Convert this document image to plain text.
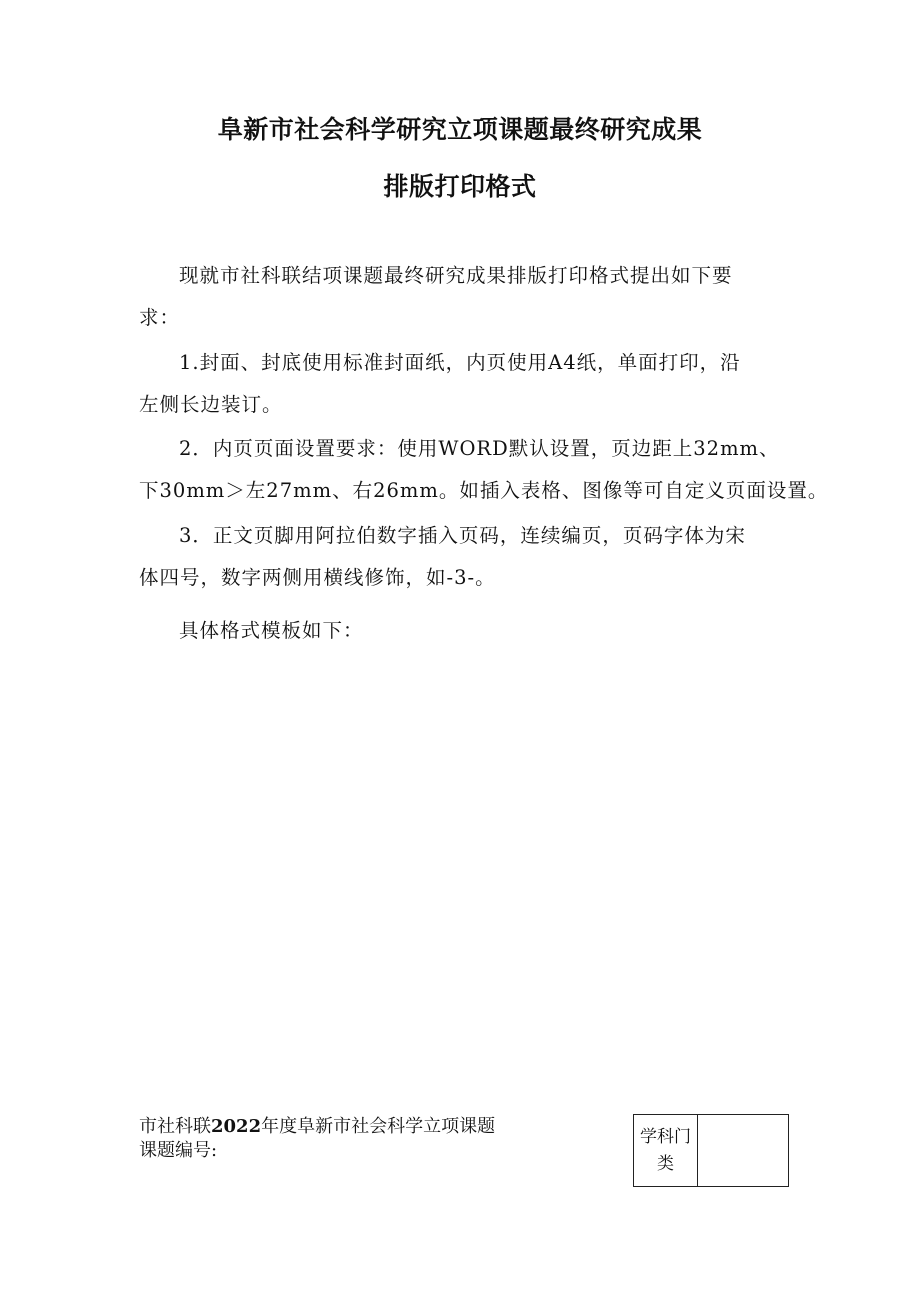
阜新市社会科学研究立项课题最终研究成果
排版打印格式
现就市社科联结项课题最终研究成果排版打印格式提出如下要
求：
1.封面、封底使用标准封面纸，内页使用A4纸，单面打印，沿
左侧长边装订。
2．内页页面设置要求：使用WORD默认设置，页边距上32mm、
下30mm＞左27mm、右26mm。如插入表格、图像等可自定义页面设置。
3．正文页脚用阿拉伯数字插入页码，连续编页，页码字体为宋
体四号，数字两侧用横线修饰，如-3-。
具体格式模板如下：
市社科联2022年度阜新市社会科学立项课题
课题编号:
学科门类
